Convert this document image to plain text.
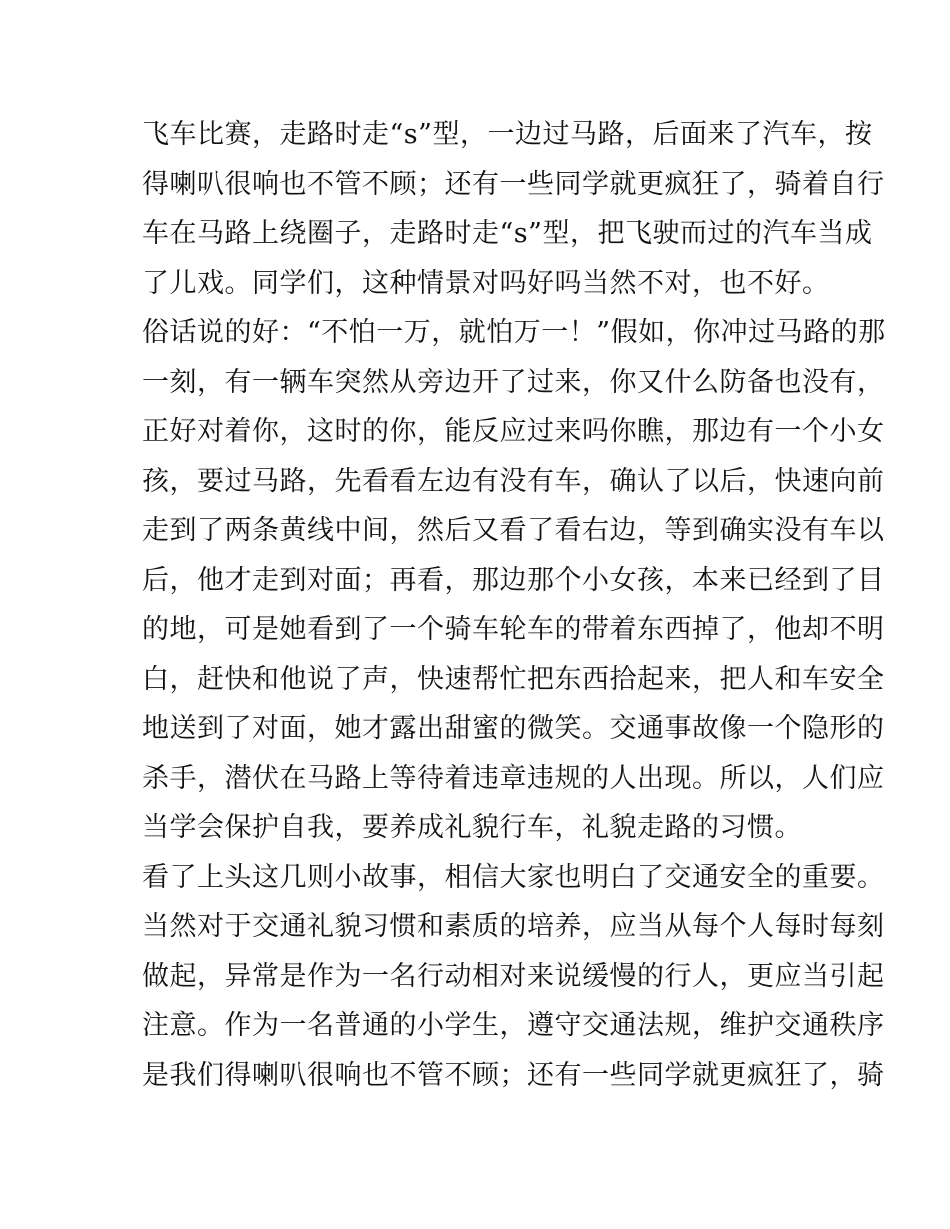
飞车比赛，走路时走“s”型，一边过马路，后面来了汽车，按
得喇叭很响也不管不顾；还有一些同学就更疯狂了，骑着自行
车在马路上绕圈子，走路时走“s”型，把飞驶而过的汽车当成
了儿戏。同学们，这种情景对吗好吗当然不对，也不好。
俗话说的好：“不怕一万，就怕万一！”假如，你冲过马路的那
一刻，有一辆车突然从旁边开了过来，你又什么防备也没有，
正好对着你，这时的你，能反应过来吗你瞧，那边有一个小女
孩，要过马路，先看看左边有没有车，确认了以后，快速向前
走到了两条黄线中间，然后又看了看右边，等到确实没有车以
后，他才走到对面；再看，那边那个小女孩，本来已经到了目
的地，可是她看到了一个骑车轮车的带着东西掉了，他却不明
白，赶快和他说了声，快速帮忙把东西拾起来，把人和车安全
地送到了对面，她才露出甜蜜的微笑。交通事故像一个隐形的
杀手，潜伏在马路上等待着违章违规的人出现。所以，人们应
当学会保护自我，要养成礼貌行车，礼貌走路的习惯。
看了上头这几则小故事，相信大家也明白了交通安全的重要。
当然对于交通礼貌习惯和素质的培养，应当从每个人每时每刻
做起，异常是作为一名行动相对来说缓慢的行人，更应当引起
注意。作为一名普通的小学生，遵守交通法规，维护交通秩序
是我们得喇叭很响也不管不顾；还有一些同学就更疯狂了，骑
